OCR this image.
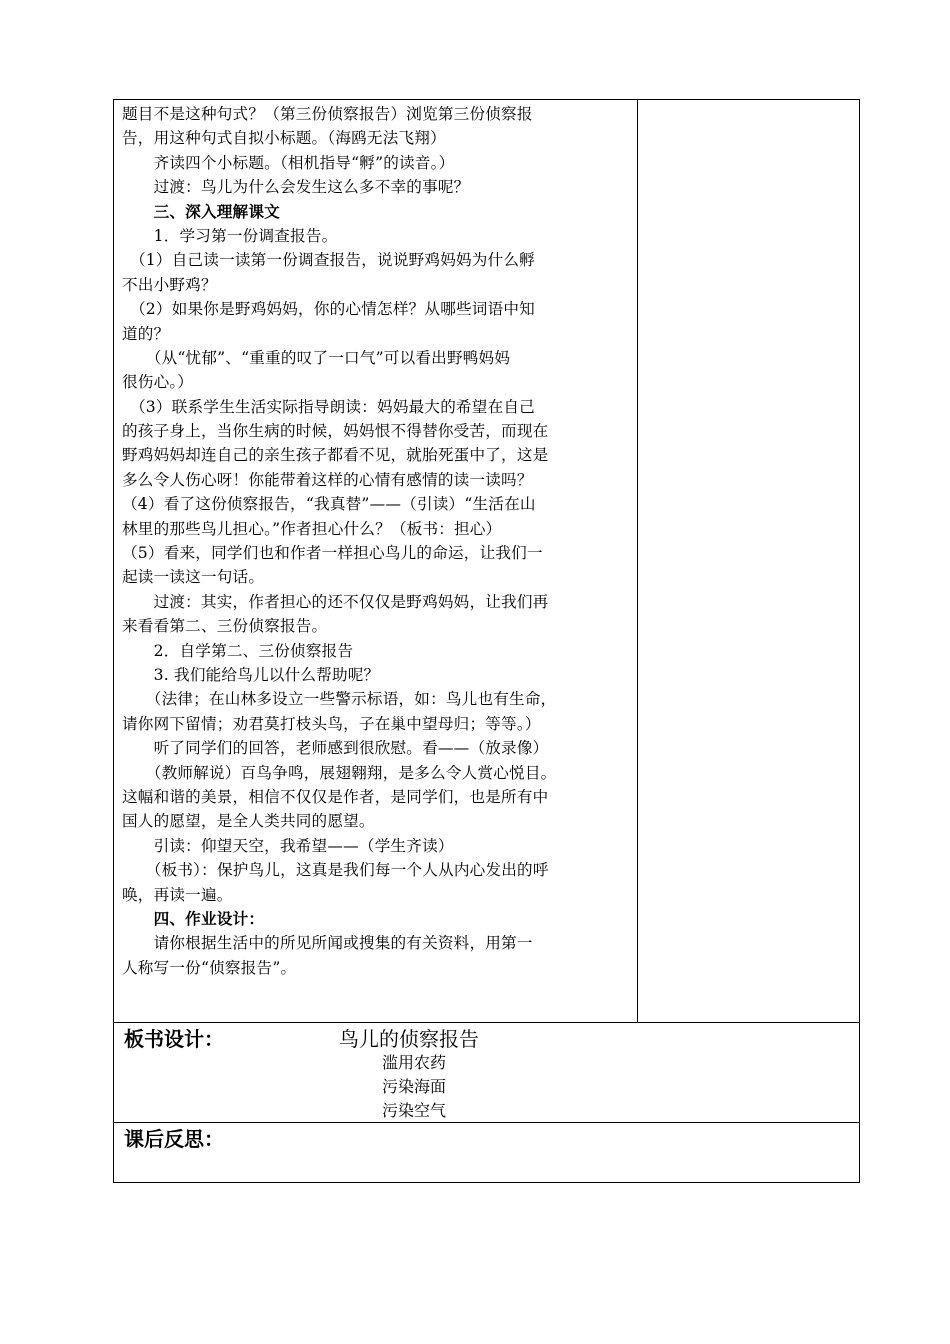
题目不是这种句式？（第三份侦察报告）浏览第三份侦察报
告，用这种句式自拟小标题。（海鸥无法飞翔）
　　齐读四个小标题。（相机指导“孵”的读音。）
　　过渡：鸟儿为什么会发生这么多不幸的事呢？
　　三、深入理解课文
　　1．学习第一份调查报告。
　（1）自己读一读第一份调查报告，说说野鸡妈妈为什么孵
不出小野鸡？
　（2）如果你是野鸡妈妈，你的心情怎样？从哪些词语中知
道的？
　　（从“忧郁”、“重重的叹了一口气”可以看出野鸭妈妈
很伤心。）
　（3）联系学生生活实际指导朗读：妈妈最大的希望在自己
的孩子身上，当你生病的时候，妈妈恨不得替你受苦，而现在
野鸡妈妈却连自己的亲生孩子都看不见，就胎死蛋中了，这是
多么令人伤心呀！你能带着这样的心情有感情的读一读吗？
（4）看了这份侦察报告，“我真替”——（引读）“生活在山
林里的那些鸟儿担心。”作者担心什么？（板书：担心）
（5）看来，同学们也和作者一样担心鸟儿的命运，让我们一
起读一读这一句话。
　　过渡：其实，作者担心的还不仅仅是野鸡妈妈，让我们再
来看看第二、三份侦察报告。
　　2．自学第二、三份侦察报告
　　3. 我们能给鸟儿以什么帮助呢？
　　（法律；在山林多设立一些警示标语，如：鸟儿也有生命，
请你网下留情；劝君莫打枝头鸟，子在巢中望母归；等等。）
　　听了同学们的回答，老师感到很欣慰。看——（放录像）
　　（教师解说）百鸟争鸣，展翅翱翔，是多么令人赏心悦目。
这幅和谐的美景，相信不仅仅是作者，是同学们，也是所有中
国人的愿望，是全人类共同的愿望。
　　引读：仰望天空，我希望——（学生齐读）
　　（板书）：保护鸟儿，这真是我们每一个人从内心发出的呼
唤，再读一遍。
　　四、作业设计：
　　请你根据生活中的所见所闻或搜集的有关资料，用第一
人称写一份“侦察报告”。
板书设计：	鸟儿的侦察报告
滥用农药
污染海面
污染空气
课后反思：
